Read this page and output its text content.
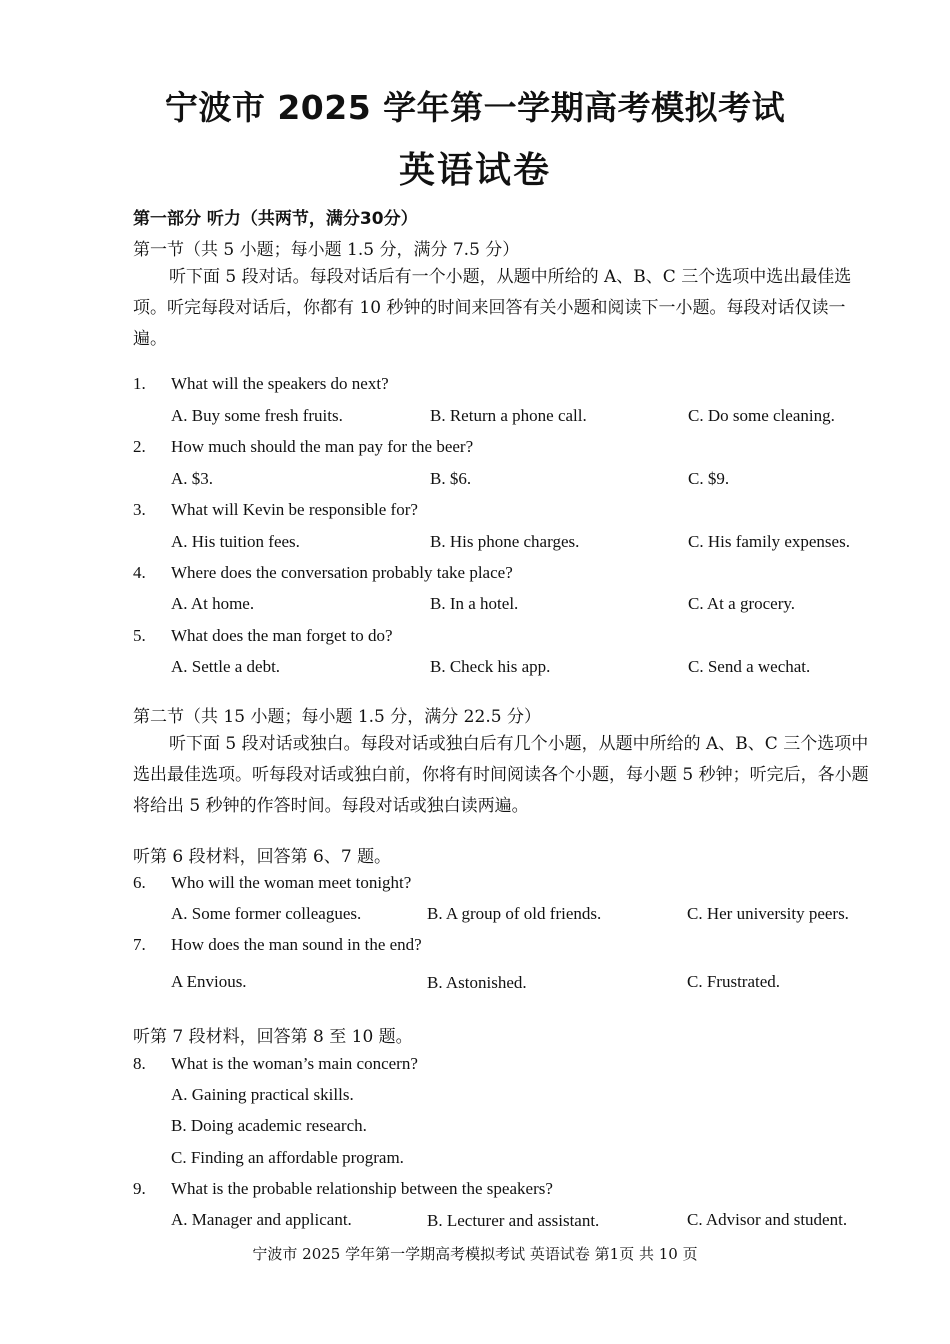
宁波市 2025 学年第一学期高考模拟考试
英语试卷
第一部分 听力（共两节，满分30分）
第一节（共 5 小题；每小题 1.5 分，满分 7.5 分）
听下面 5 段对话。每段对话后有一个小题，从题中所给的 A、B、C 三个选项中选出最佳选项。听完每段对话后，你都有 10 秒钟的时间来回答有关小题和阅读下一小题。每段对话仅读一遍。
1. What will the speakers do next?
A. Buy some fresh fruits.	B. Return a phone call.	C. Do some cleaning.
2. How much should the man pay for the beer?
A. $3.	B. $6.	C. $9.
3. What will Kevin be responsible for?
A. His tuition fees.	B. His phone charges.	C. His family expenses.
4. Where does the conversation probably take place?
A. At home.	B. In a hotel.	C. At a grocery.
5. What does the man forget to do?
A. Settle a debt.	B. Check his app.	C. Send a wechat.
第二节（共 15 小题；每小题 1.5 分，满分 22.5 分）
听下面 5 段对话或独白。每段对话或独白后有几个小题，从题中所给的 A、B、C 三个选项中选出最佳选项。听每段对话或独白前，你将有时间阅读各个小题，每小题 5 秒钟；听完后，各小题将给出 5 秒钟的作答时间。每段对话或独白读两遍。
听第 6 段材料，回答第 6、7 题。
6. Who will the woman meet tonight?
A. Some former colleagues.	B. A group of old friends.	C. Her university peers.
7. How does the man sound in the end?
A Envious.	B. Astonished.	C. Frustrated.
听第 7 段材料，回答第 8 至 10 题。
8. What is the woman’s main concern?
A. Gaining practical skills.
B. Doing academic research.
C. Finding an affordable program.
9. What is the probable relationship between the speakers?
A. Manager and applicant.	B. Lecturer and assistant.	C. Advisor and student.
宁波市 2025 学年第一学期高考模拟考试 英语试卷 第1页 共 10 页
